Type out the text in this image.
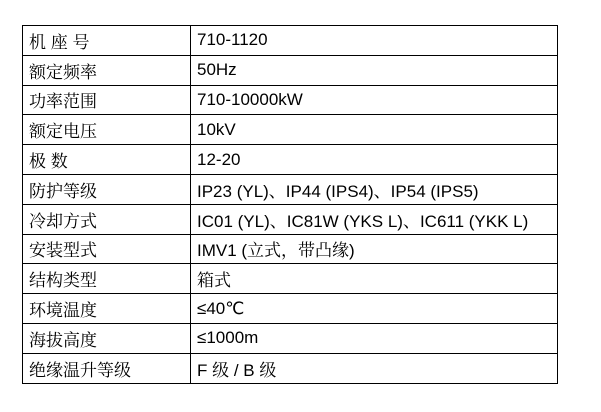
机 座 号	710-1120
额定频率	50Hz
功率范围	710-10000kW
额定电压	10kV
极 数	12-20
防护等级	IP23 (YL)、IP44 (IPS4)、IP54 (IPS5)
冷却方式	IC01 (YL)、IC81W (YKS L)、IC611 (YKK L)
安装型式	IMV1 (立式，带凸缘)
结构类型	箱式
环境温度	≤40℃
海拔高度	≤1000m
绝缘温升等级	F 级 / B 级
